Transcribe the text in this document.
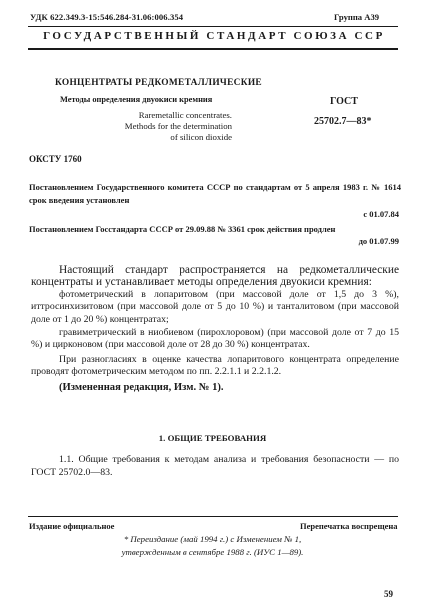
УДК 622.349.3-15:546.284-31.06:006.354	Группа А39
ГОСУДАРСТВЕННЫЙ СТАНДАРТ СОЮЗА ССР
КОНЦЕНТРАТЫ РЕДКОМЕТАЛЛИЧЕСКИЕ
Методы определения двуокиси кремния
Raremetallic concentrates.
Methods for the determination
of silicon dioxide
ГОСТ
25702.7—83*
ОКСТУ 1760
Постановлением Государственного комитета СССР по стандартам от 5 апреля 1983 г. № 1614 срок введения установлен
с 01.07.84
Постановлением Госстандарта СССР от 29.09.88 № 3361 срок действия продлен
до 01.07.99

Настоящий стандарт распространяется на редкометаллические концентраты и устанавливает методы определения двуокиси кремния:

фотометрический в лопаритовом (при массовой доле от 1,5 до 3 %), иттросинхизитовом (при массовой доле от 5 до 10 %) и танталитовом (при массовой доле от 1 до 20 %) концентратах;

гравиметрический в ниобиевом (пирохлоровом) (при массовой доле от 7 до 15 %) и цирконовом (при массовой доле от 28 до 30 %) концентратах.

При разногласиях в оценке качества лопаритового концентрата определение проводят фотометрическим методом по пп. 2.2.1.1 и 2.2.1.2.

(Измененная редакция, Изм. № 1).

1. ОБЩИЕ ТРЕБОВАНИЯ

1.1. Общие требования к методам анализа и требования безопасности — по ГОСТ 25702.0—83.

Издание официальное	Перепечатка воспрещена
* Переиздание (май 1994 г.) с Изменением № 1,
утвержденным в сентябре 1988 г. (ИУС 1—89).
59
